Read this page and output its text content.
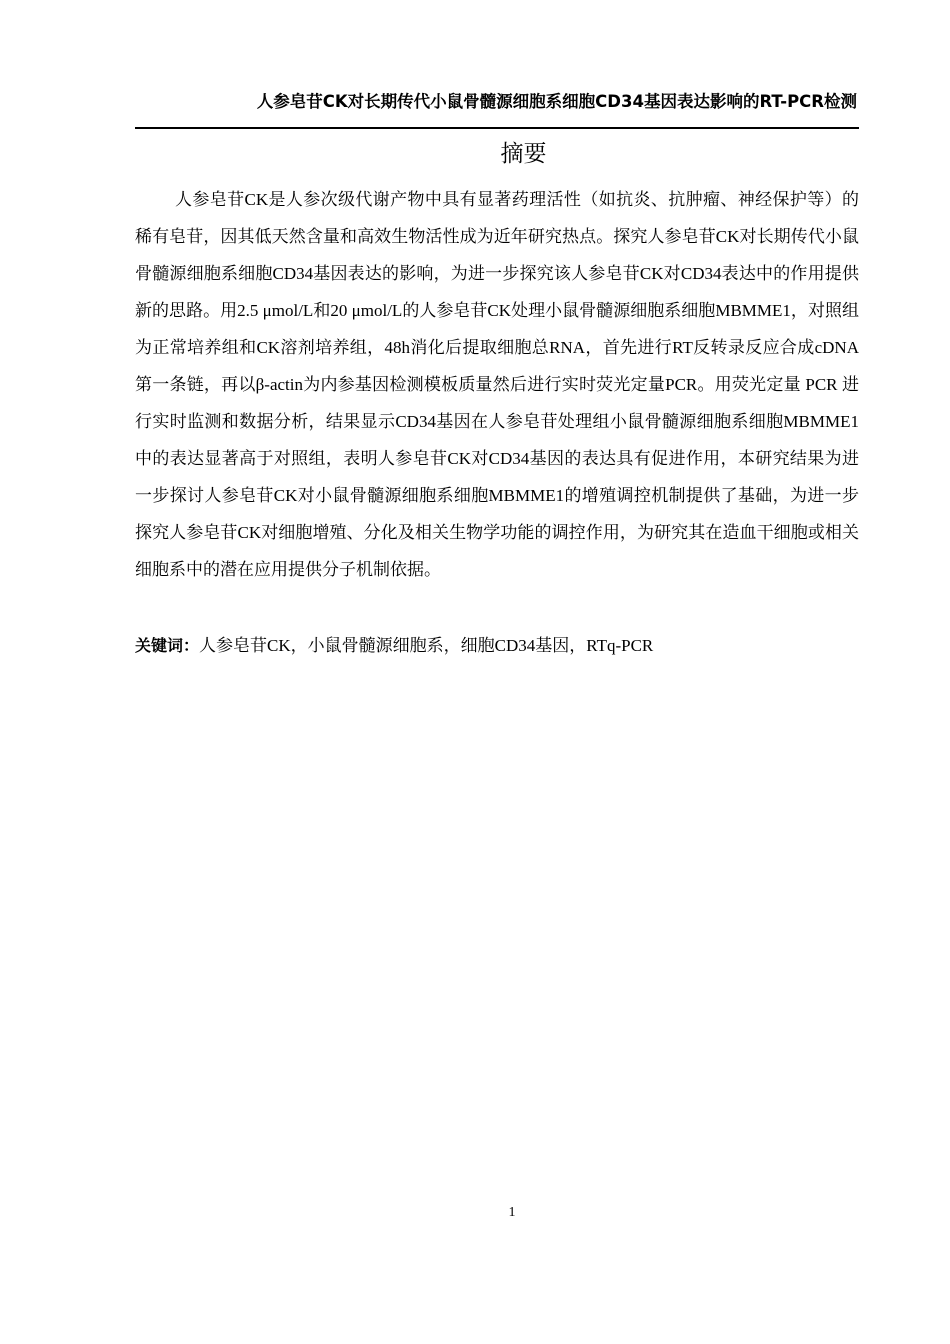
人参皂苷CK对长期传代小鼠骨髓源细胞系细胞CD34基因表达影响的RT-PCR检测
摘要

人参皂苷CK是人参次级代谢产物中具有显著药理活性（如抗炎、抗肿瘤、神经保护等）的稀有皂苷，因其低天然含量和高效生物活性成为近年研究热点。探究人参皂苷CK对长期传代小鼠骨髓源细胞系细胞CD34基因表达的影响，为进一步探究该人参皂苷CK对CD34表达中的作用提供新的思路。用2.5 μmol/L和20 μmol/L的人参皂苷CK处理小鼠骨髓源细胞系细胞MBMME1，对照组为正常培养组和CK溶剂培养组，48h消化后提取细胞总RNA，首先进行RT反转录反应合成cDNA第一条链，再以β-actin为内参基因检测模板质量然后进行实时荧光定量PCR。用荧光定量 PCR 进行实时监测和数据分析，结果显示CD34基因在人参皂苷处理组小鼠骨髓源细胞系细胞MBMME1中的表达显著高于对照组，表明人参皂苷CK对CD34基因的表达具有促进作用，本研究结果为进一步探讨人参皂苷CK对小鼠骨髓源细胞系细胞MBMME1的增殖调控机制提供了基础，为进一步探究人参皂苷CK对细胞增殖、分化及相关生物学功能的调控作用，为研究其在造血干细胞或相关细胞系中的潜在应用提供分子机制依据。

关键词：人参皂苷CK，小鼠骨髓源细胞系，细胞CD34基因，RTq-PCR

1
